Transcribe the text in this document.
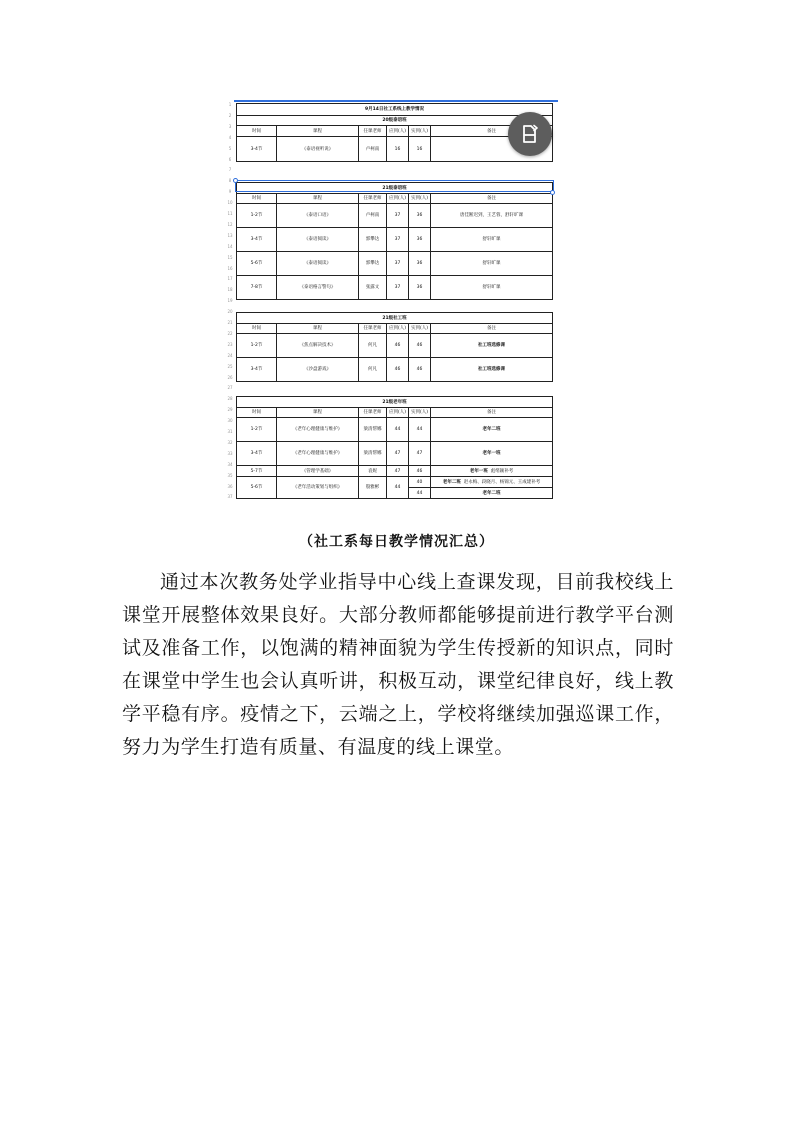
1
2
3
4
5
6
7
8
9
10
11
12
13
14
15
16
17
18
19
20
21
22
23
24
25
26
27
28
29
30
31
32
33
34
35
36
37
9月14日社工系线上教学情况					
20级泰语班					
时间	课程	任课老师	应到(人)	实到(人)	备注
3-4节	《泰语视听说》	卢柯南	16	16	
21级泰语班					
时间	课程	任课老师	应到(人)	实到(人)	备注
1-2节	《泰语口语》	卢柯南	37	36	唐佳断迟到，王艺蓉，舒轩旷课
3-4节	《泰语阅读》	郭攀达	37	36	舒轩旷课
5-6节	《泰语阅读》	郭攀达	37	36	舒轩旷课
7-8节	《泰语格言警句》	张露文	37	36	舒轩旷课
21级社工班					
时间	课程	任课老师	应到(人)	实到(人)	备注
1-2节	《焦点解决技术》	何凡	46	46	社工班选修课
3-4节	《沙盘游戏》	何凡	46	46	社工班选修课
21级老年班					
时间	课程	任课老师	应到(人)	实到(人)	备注
1-2节	《老年心理健康与维护》	梁清帮娜	44	44	老年二班
3-4节	《老年心理健康与维护》	梁清帮娜	47	47	老年一班
5-7节	《管理学基础》	袁妮	47	46	老年一班 彪绪颖补考
5-6节	《老年活动策划与组织》	殷雅彬	44	40	老年二班 赵永梅、段晓月、杨锦元、王成建补考
				44	老年二班
（社工系每日教学情况汇总）

通过本次教务处学业指导中心线上查课发现，目前我校线上课堂开展整体效果良好。大部分教师都能够提前进行教学平台测试及准备工作，以饱满的精神面貌为学生传授新的知识点，同时在课堂中学生也会认真听讲，积极互动，课堂纪律良好，线上教学平稳有序。疫情之下，云端之上，学校将继续加强巡课工作，努力为学生打造有质量、有温度的线上课堂。
